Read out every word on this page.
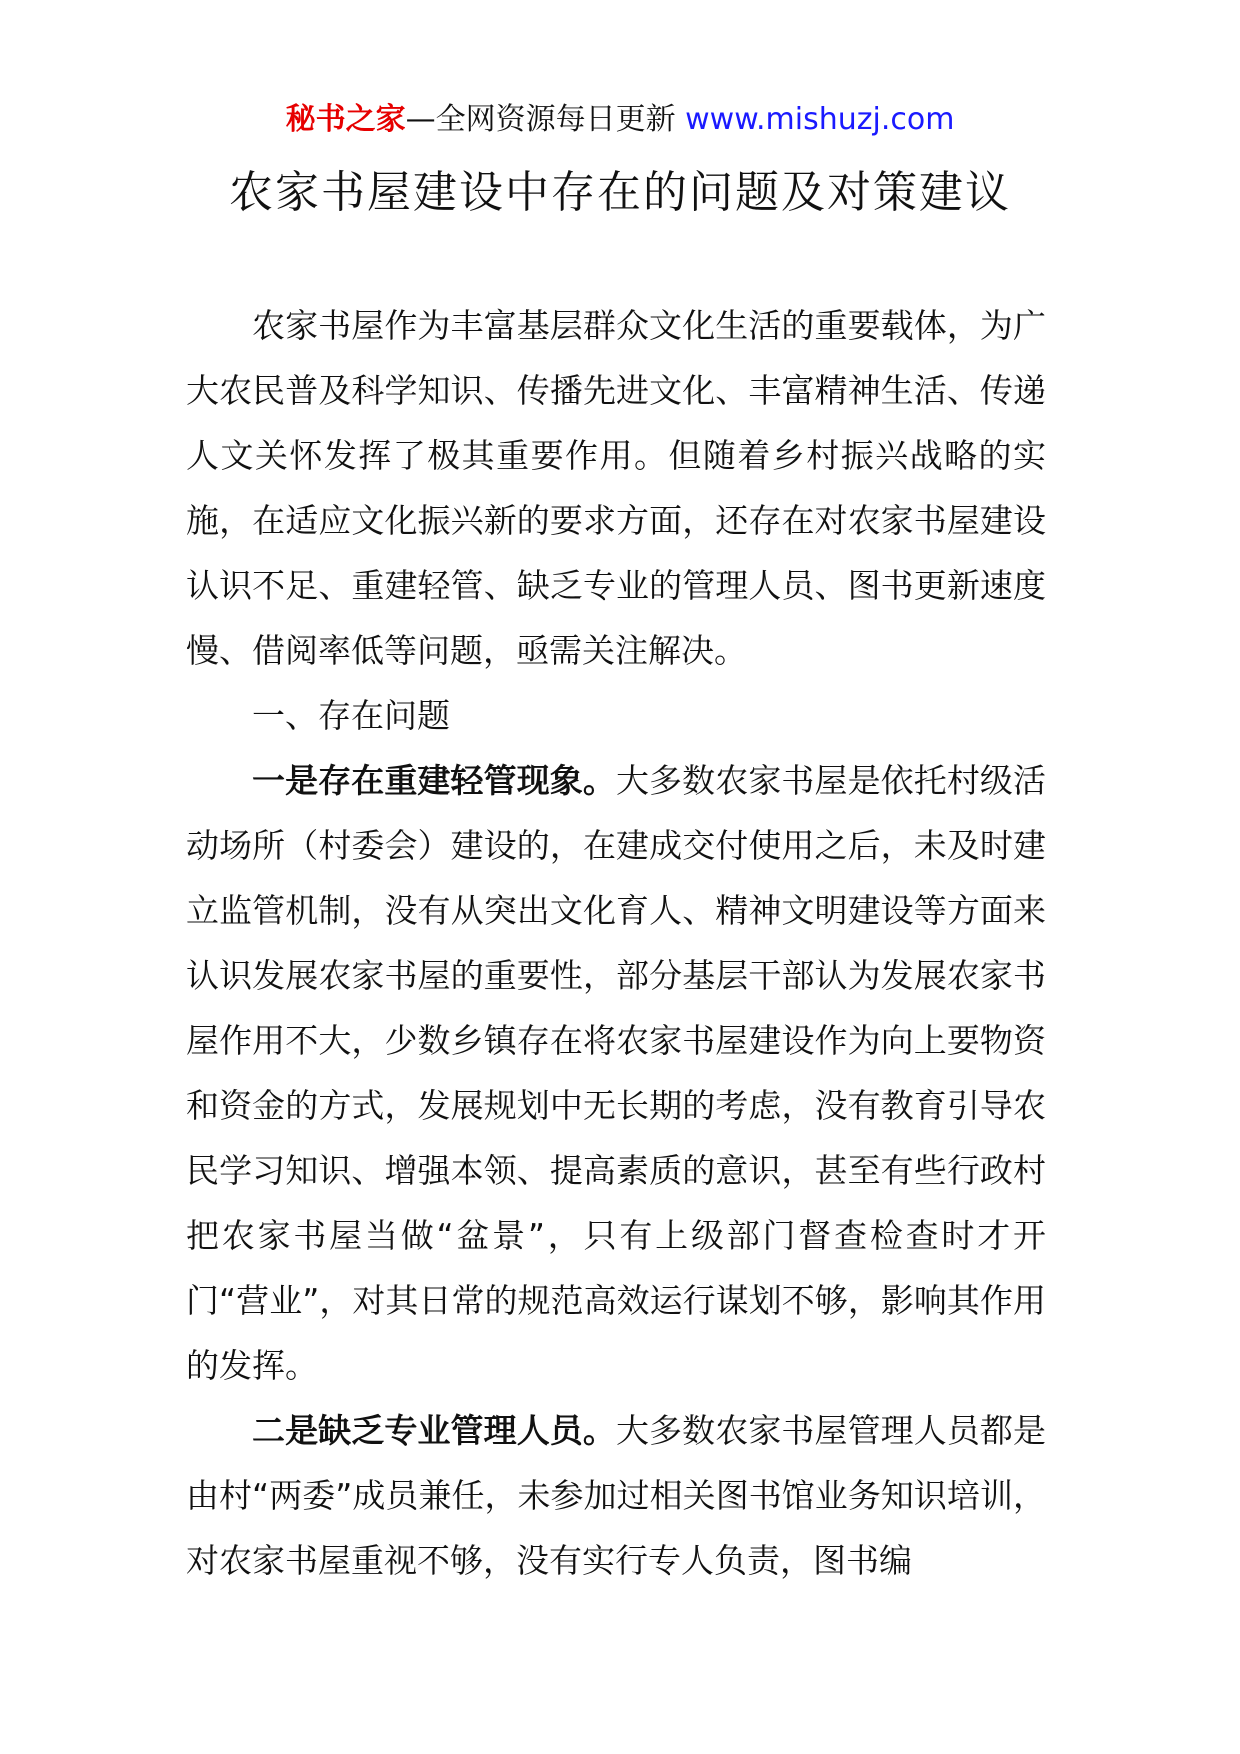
秘书之家—全网资源每日更新 www.mishuzj.com
农家书屋建设中存在的问题及对策建议

农家书屋作为丰富基层群众文化生活的重要载体，为广大农民普及科学知识、传播先进文化、丰富精神生活、传递人文关怀发挥了极其重要作用。但随着乡村振兴战略的实施，在适应文化振兴新的要求方面，还存在对农家书屋建设认识不足、重建轻管、缺乏专业的管理人员、图书更新速度慢、借阅率低等问题，亟需关注解决。

一、存在问题

一是存在重建轻管现象。大多数农家书屋是依托村级活动场所（村委会）建设的，在建成交付使用之后，未及时建立监管机制，没有从突出文化育人、精神文明建设等方面来认识发展农家书屋的重要性，部分基层干部认为发展农家书屋作用不大，少数乡镇存在将农家书屋建设作为向上要物资和资金的方式，发展规划中无长期的考虑，没有教育引导农民学习知识、增强本领、提高素质的意识，甚至有些行政村把农家书屋当做“盆景”，只有上级部门督查检查时才开门“营业”，对其日常的规范高效运行谋划不够，影响其作用的发挥。

二是缺乏专业管理人员。大多数农家书屋管理人员都是由村“两委”成员兼任，未参加过相关图书馆业务知识培训，对农家书屋重视不够，没有实行专人负责，图书编
